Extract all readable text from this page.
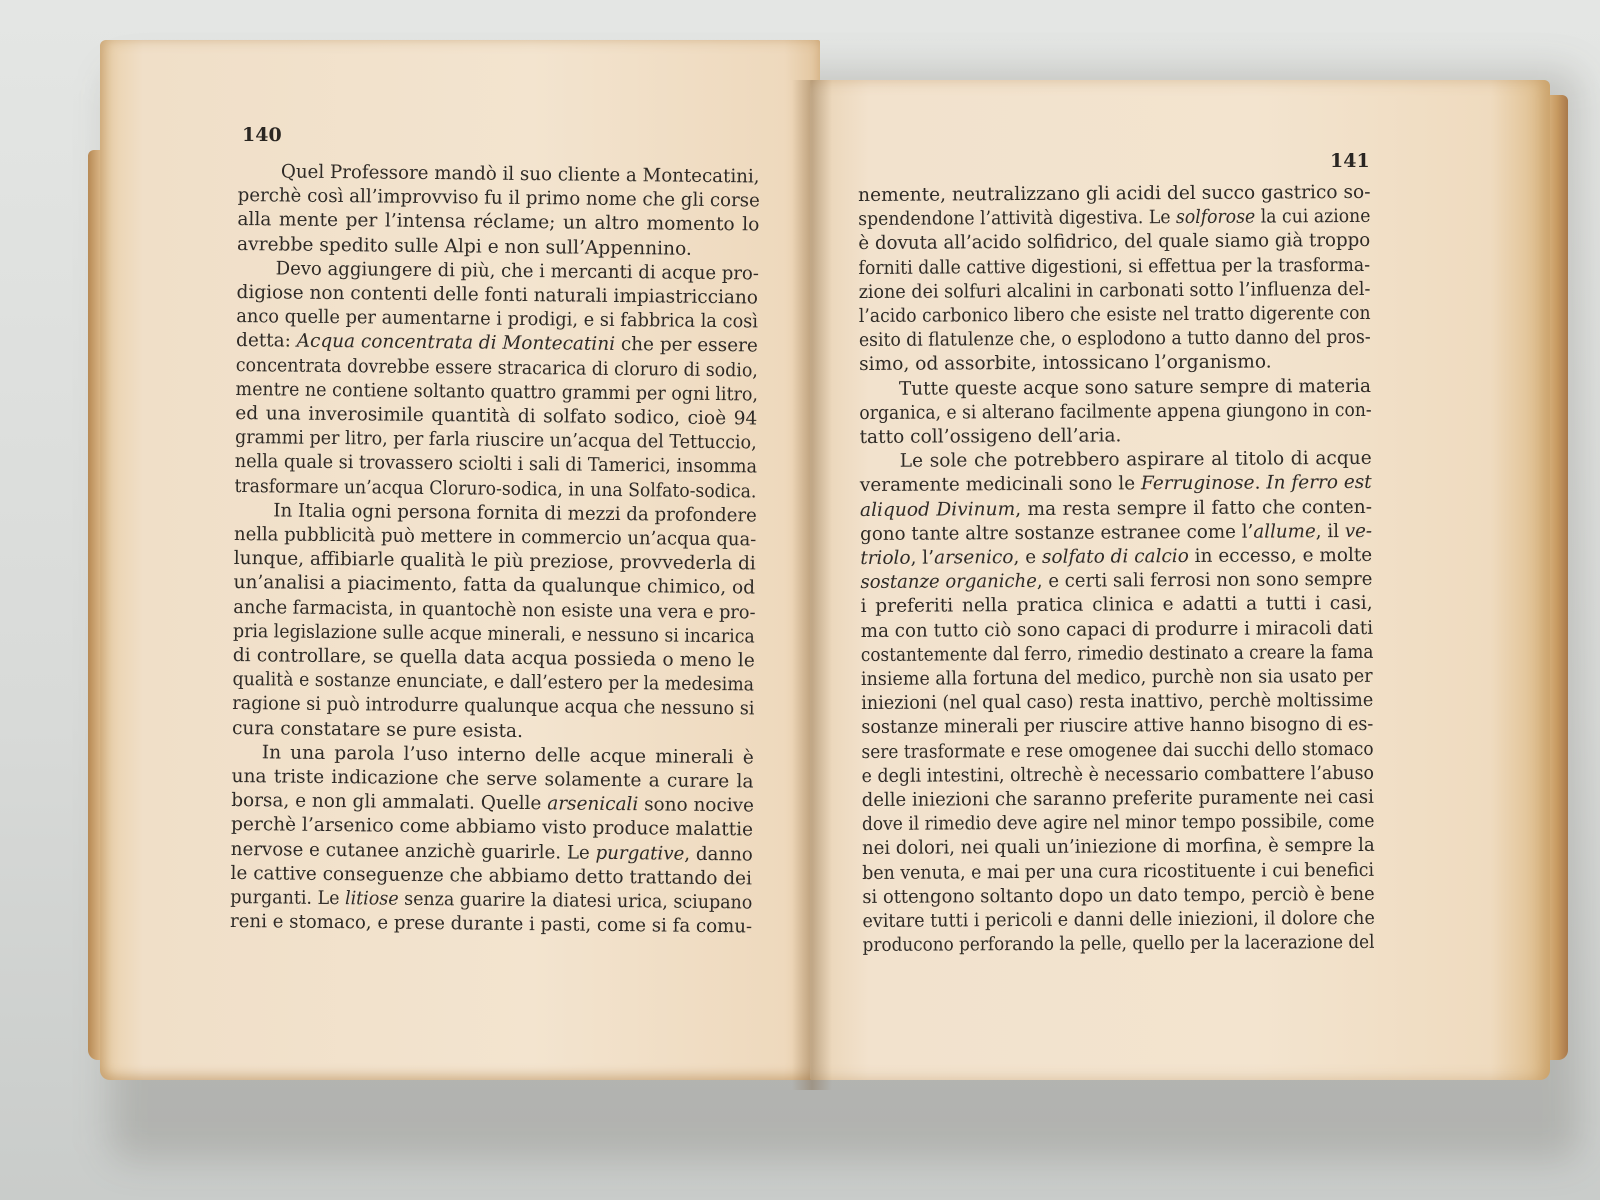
140
141
Quel Professore mandò il suo cliente a Montecatini,
perchè così all’improvviso fu il primo nome che gli corse
alla mente per l’intensa réclame; un altro momento lo
avrebbe spedito sulle Alpi e non sull’Appennino.
Devo aggiungere di più, che i mercanti di acque pro-
digiose non contenti delle fonti naturali impiastricciano
anco quelle per aumentarne i prodigi, e si fabbrica la così
detta: Acqua concentrata di Montecatini che per essere
concentrata dovrebbe essere stracarica di cloruro di sodio,
mentre ne contiene soltanto quattro grammi per ogni litro,
ed una inverosimile quantità di solfato sodico, cioè 94
grammi per litro, per farla riuscire un’acqua del Tettuccio,
nella quale si trovassero sciolti i sali di Tamerici, insomma
trasformare un’acqua Cloruro-sodica, in una Solfato-sodica.
In Italia ogni persona fornita di mezzi da profondere
nella pubblicità può mettere in commercio un’acqua qua-
lunque, affibiarle qualità le più preziose, provvederla di
un’analisi a piacimento, fatta da qualunque chimico, od
anche farmacista, in quantochè non esiste una vera e pro-
pria legislazione sulle acque minerali, e nessuno si incarica
di controllare, se quella data acqua possieda o meno le
qualità e sostanze enunciate, e dall’estero per la medesima
ragione si può introdurre qualunque acqua che nessuno si
cura constatare se pure esista.
In una parola l’uso interno delle acque minerali è
una triste indicazione che serve solamente a curare la
borsa, e non gli ammalati. Quelle arsenicali sono nocive
perchè l’arsenico come abbiamo visto produce malattie
nervose e cutanee anzichè guarirle. Le purgative, danno
le cattive conseguenze che abbiamo detto trattando dei
purganti. Le litiose senza guarire la diatesi urica, sciupano
reni e stomaco, e prese durante i pasti, come si fa comu-
nemente, neutralizzano gli acidi del succo gastrico so-
spendendone l’attività digestiva. Le solforose la cui azione
è dovuta all’acido solfidrico, del quale siamo già troppo
forniti dalle cattive digestioni, si effettua per la trasforma-
zione dei solfuri alcalini in carbonati sotto l’influenza del-
l’acido carbonico libero che esiste nel tratto digerente con
esito di flatulenze che, o esplodono a tutto danno del pros-
simo, od assorbite, intossicano l’organismo.
Tutte queste acque sono sature sempre di materia
organica, e si alterano facilmente appena giungono in con-
tatto coll’ossigeno dell’aria.
Le sole che potrebbero aspirare al titolo di acque
veramente medicinali sono le Ferruginose. In ferro est
aliquod Divinum, ma resta sempre il fatto che conten-
gono tante altre sostanze estranee come l’allume, il ve-
triolo, l’arsenico, e solfato di calcio in eccesso, e molte
sostanze organiche, e certi sali ferrosi non sono sempre
i preferiti nella pratica clinica e adatti a tutti i casi,
ma con tutto ciò sono capaci di produrre i miracoli dati
costantemente dal ferro, rimedio destinato a creare la fama
insieme alla fortuna del medico, purchè non sia usato per
iniezioni (nel qual caso) resta inattivo, perchè moltissime
sostanze minerali per riuscire attive hanno bisogno di es-
sere trasformate e rese omogenee dai succhi dello stomaco
e degli intestini, oltrechè è necessario combattere l’abuso
delle iniezioni che saranno preferite puramente nei casi
dove il rimedio deve agire nel minor tempo possibile, come
nei dolori, nei quali un’iniezione di morfina, è sempre la
ben venuta, e mai per una cura ricostituente i cui benefici
si ottengono soltanto dopo un dato tempo, perciò è bene
evitare tutti i pericoli e danni delle iniezioni, il dolore che
producono perforando la pelle, quello per la lacerazione del
